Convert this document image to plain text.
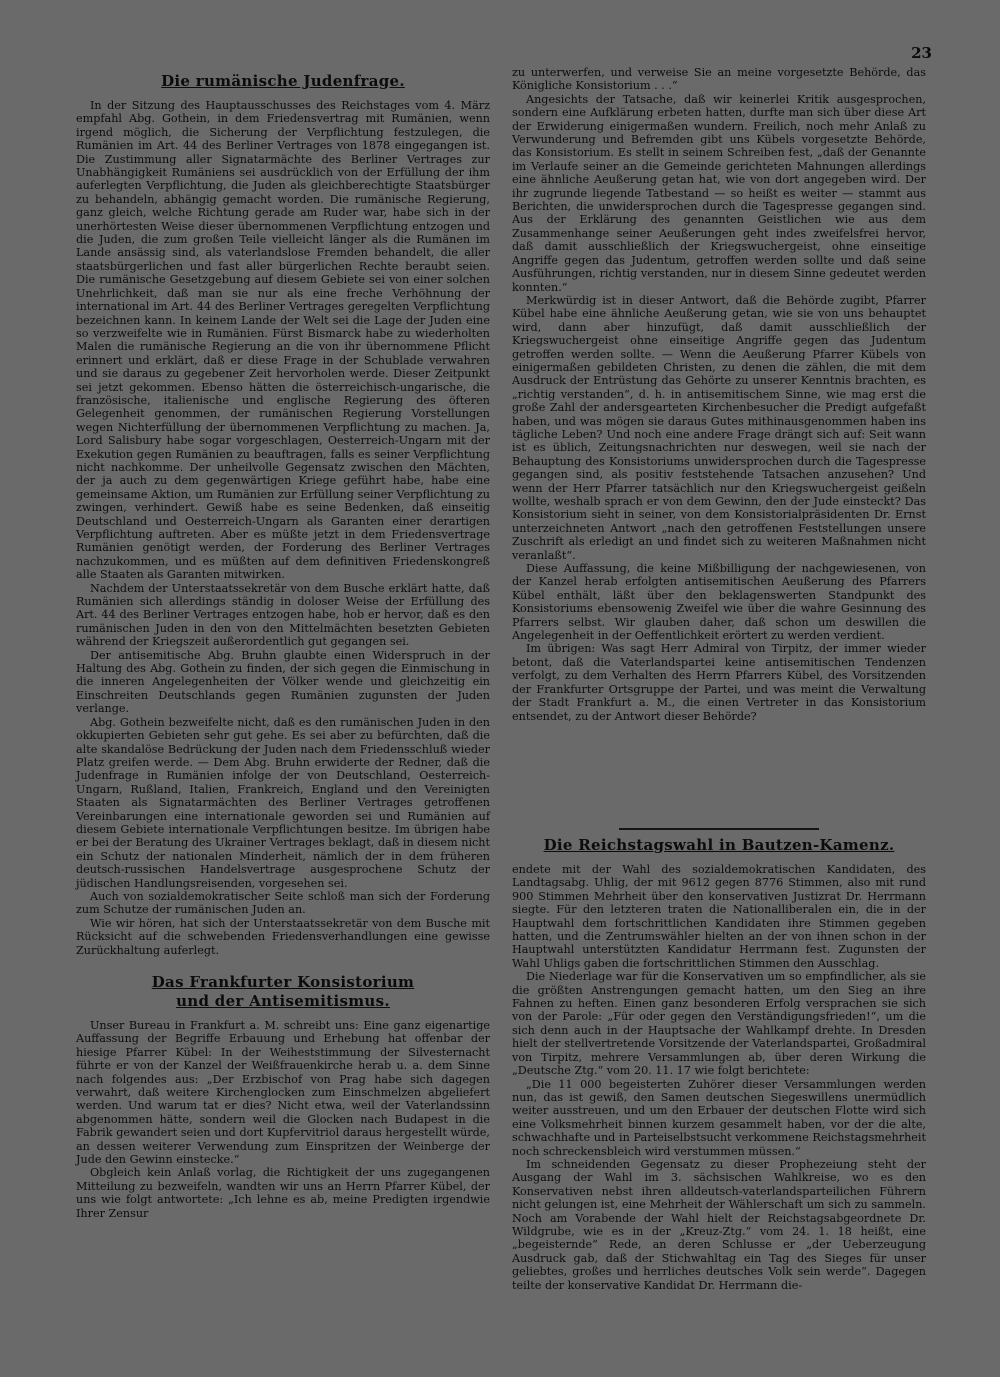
23
Die rumänische Judenfrage.

In der Sitzung des Hauptausschusses des Reichstages vom 4. März empfahl Abg. Gothein, in dem Friedensvertrag mit Rumänien, wenn irgend möglich, die Sicherung der Verpflichtung festzulegen, die Rumänien im Art. 44 des Berliner Vertrages von 1878 eingegangen ist. Die Zustimmung aller Signatarmächte des Berliner Vertrages zur Unabhängigkeit Rumäniens sei ausdrücklich von der Erfüllung der ihm auferlegten Verpflichtung, die Juden als gleichberechtigte Staatsbürger zu behandeln, abhängig gemacht worden. Die rumänische Regierung, ganz gleich, welche Richtung gerade am Ruder war, habe sich in der unerhörtesten Weise dieser übernommenen Verpflichtung entzogen und die Juden, die zum großen Teile vielleicht länger als die Rumänen im Lande ansässig sind, als vaterlandslose Fremden behandelt, die aller staatsbürgerlichen und fast aller bürgerlichen Rechte beraubt seien. Die rumänische Gesetzgebung auf diesem Gebiete sei von einer solchen Unehrlichkeit, daß man sie nur als eine freche Verhöhnung der international im Art. 44 des Berliner Vertrages geregelten Verpflichtung bezeichnen kann. In keinem Lande der Welt sei die Lage der Juden eine so verzweifelte wie in Rumänien. Fürst Bismarck habe zu wiederholten Malen die rumänische Regierung an die von ihr übernommene Pflicht erinnert und erklärt, daß er diese Frage in der Schublade verwahren und sie daraus zu gegebener Zeit hervorholen werde. Dieser Zeitpunkt sei jetzt gekommen. Ebenso hätten die österreichisch-ungarische, die französische, italienische und englische Regierung des öfteren Gelegenheit genommen, der rumänischen Regierung Vorstellungen wegen Nichterfüllung der übernommenen Verpflichtung zu machen. Ja, Lord Salisbury habe sogar vorgeschlagen, Oesterreich-Ungarn mit der Exekution gegen Rumänien zu beauftragen, falls es seiner Verpflichtung nicht nachkomme. Der unheilvolle Gegensatz zwischen den Mächten, der ja auch zu dem gegenwärtigen Kriege geführt habe, habe eine gemeinsame Aktion, um Rumänien zur Erfüllung seiner Verpflichtung zu zwingen, verhindert. Gewiß habe es seine Bedenken, daß einseitig Deutschland und Oesterreich-Ungarn als Garanten einer derartigen Verpflichtung auftreten. Aber es müßte jetzt in dem Friedensvertrage Rumänien genötigt werden, der Forderung des Berliner Vertrages nachzukommen, und es müßten auf dem definitiven Friedenskongreß alle Staaten als Garanten mitwirken.

Nachdem der Unterstaatssekretär von dem Busche erklärt hatte, daß Rumänien sich allerdings ständig in doloser Weise der Erfüllung des Art. 44 des Berliner Vertrages entzogen habe, hob er hervor, daß es den rumänischen Juden in den von den Mittelmächten besetzten Gebieten während der Kriegszeit außerordentlich gut gegangen sei.

Der antisemitische Abg. Bruhn glaubte einen Widerspruch in der Haltung des Abg. Gothein zu finden, der sich gegen die Einmischung in die inneren Angelegenheiten der Völker wende und gleichzeitig ein Einschreiten Deutschlands gegen Rumänien zugunsten der Juden verlange.

Abg. Gothein bezweifelte nicht, daß es den rumänischen Juden in den okkupierten Gebieten sehr gut gehe. Es sei aber zu befürchten, daß die alte skandalöse Bedrückung der Juden nach dem Friedensschluß wieder Platz greifen werde. — Dem Abg. Bruhn erwiderte der Redner, daß die Judenfrage in Rumänien infolge der von Deutschland, Oesterreich-Ungarn, Rußland, Italien, Frankreich, England und den Vereinigten Staaten als Signatarmächten des Berliner Vertrages getroffenen Vereinbarungen eine internationale geworden sei und Rumänien auf diesem Gebiete internationale Verpflichtungen besitze. Im übrigen habe er bei der Beratung des Ukrainer Vertrages beklagt, daß in diesem nicht ein Schutz der nationalen Minderheit, nämlich der in dem früheren deutsch-russischen Handelsvertrage ausgesprochene Schutz der jüdischen Handlungsreisenden, vorgesehen sei.

Auch von sozialdemokratischer Seite schloß man sich der Forderung zum Schutze der rumänischen Juden an.

Wie wir hören, hat sich der Unterstaatssekretär von dem Busche mit Rücksicht auf die schwebenden Friedensverhandlungen eine gewisse Zurückhaltung auferlegt.

Das Frankfurter Konsistorium
und der Antisemitismus.

Unser Bureau in Frankfurt a. M. schreibt uns: Eine ganz eigenartige Auffassung der Begriffe Erbauung und Erhebung hat offenbar der hiesige Pfarrer Kübel: In der Weiheststimmung der Silvesternacht führte er von der Kanzel der Weißfrauenkirche herab u. a. dem Sinne nach folgendes aus: „Der Erzbischof von Prag habe sich dagegen verwahrt, daß weitere Kirchenglocken zum Einschmelzen abgeliefert werden. Und warum tat er dies? Nicht etwa, weil der Vaterlandssinn abgenommen hätte, sondern weil die Glocken nach Budapest in die Fabrik gewandert seien und dort Kupfervitriol daraus hergestellt würde, an dessen weiterer Verwendung zum Einspritzen der Weinberge der Jude den Gewinn einstecke.“

Obgleich kein Anlaß vorlag, die Richtigkeit der uns zugegangenen Mitteilung zu bezweifeln, wandten wir uns an Herrn Pfarrer Kübel, der uns wie folgt antwortete: „Ich lehne es ab, meine Predigten irgendwie Ihrer Zensur

zu unterwerfen, und verweise Sie an meine vorgesetzte Behörde, das Königliche Konsistorium . . .“

Angesichts der Tatsache, daß wir keinerlei Kritik ausgesprochen, sondern eine Aufklärung erbeten hatten, durfte man sich über diese Art der Erwiderung einigermaßen wundern. Freilich, noch mehr Anlaß zu Verwunderung und Befremden gibt uns Kübels vorgesetzte Behörde, das Konsistorium. Es stellt in seinem Schreiben fest, „daß der Genannte im Verlaufe seiner an die Gemeinde gerichteten Mahnungen allerdings eine ähnliche Aeußerung getan hat, wie von dort angegeben wird. Der ihr zugrunde liegende Tatbestand — so heißt es weiter — stammt aus Berichten, die unwidersprochen durch die Tagespresse gegangen sind. Aus der Erklärung des genannten Geistlichen wie aus dem Zusammenhange seiner Aeußerungen geht indes zweifelsfrei hervor, daß damit ausschließlich der Kriegswuchergeist, ohne einseitige Angriffe gegen das Judentum, getroffen werden sollte und daß seine Ausführungen, richtig verstanden, nur in diesem Sinne gedeutet werden konnten.“

Merkwürdig ist in dieser Antwort, daß die Behörde zugibt, Pfarrer Kübel habe eine ähnliche Aeußerung getan, wie sie von uns behauptet wird, dann aber hinzufügt, daß damit ausschließlich der Kriegswuchergeist ohne einseitige Angriffe gegen das Judentum getroffen werden sollte. — Wenn die Aeußerung Pfarrer Kübels von einigermaßen gebildeten Christen, zu denen die zählen, die mit dem Ausdruck der Entrüstung das Gehörte zu unserer Kenntnis brachten, es „richtig verstanden“, d. h. in antisemitischem Sinne, wie mag erst die große Zahl der andersgearteten Kirchenbesucher die Predigt aufgefaßt haben, und was mögen sie daraus Gutes mithinausgenommen haben ins tägliche Leben? Und noch eine andere Frage drängt sich auf: Seit wann ist es üblich, Zeitungsnachrichten nur deswegen, weil sie nach der Behauptung des Konsistoriums unwidersprochen durch die Tagespresse gegangen sind, als positiv feststehende Tatsachen anzusehen? Und wenn der Herr Pfarrer tatsächlich nur den Kriegswuchergeist geißeln wollte, weshalb sprach er von dem Gewinn, den der Jude einsteckt? Das Konsistorium sieht in seiner, von dem Konsistorialpräsidenten Dr. Ernst unterzeichneten Antwort „nach den getroffenen Feststellungen unsere Zuschrift als erledigt an und findet sich zu weiteren Maßnahmen nicht veranlaßt“.

Diese Auffassung, die keine Mißbilligung der nachgewiesenen, von der Kanzel herab erfolgten antisemitischen Aeußerung des Pfarrers Kübel enthält, läßt über den beklagenswerten Standpunkt des Konsistoriums ebensowenig Zweifel wie über die wahre Gesinnung des Pfarrers selbst. Wir glauben daher, daß schon um deswillen die Angelegenheit in der Oeffentlichkeit erörtert zu werden verdient.

Im übrigen: Was sagt Herr Admiral von Tirpitz, der immer wieder betont, daß die Vaterlandspartei keine antisemitischen Tendenzen verfolgt, zu dem Verhalten des Herrn Pfarrers Kübel, des Vorsitzenden der Frankfurter Ortsgruppe der Partei, und was meint die Verwaltung der Stadt Frankfurt a. M., die einen Vertreter in das Konsistorium entsendet, zu der Antwort dieser Behörde?

Die Reichstagswahl in Bautzen-Kamenz.

endete mit der Wahl des sozialdemokratischen Kandidaten, des Landtagsabg. Uhlig, der mit 9612 gegen 8776 Stimmen, also mit rund 900 Stimmen Mehrheit über den konservativen Justizrat Dr. Herrmann siegte. Für den letzteren traten die Nationalliberalen ein, die in der Hauptwahl dem fortschrittlichen Kandidaten ihre Stimmen gegeben hatten, und die Zentrumswähler hielten an der von ihnen schon in der Hauptwahl unterstützten Kandidatur Herrmann fest. Zugunsten der Wahl Uhligs gaben die fortschrittlichen Stimmen den Ausschlag.

Die Niederlage war für die Konservativen um so empfindlicher, als sie die größten Anstrengungen gemacht hatten, um den Sieg an ihre Fahnen zu heften. Einen ganz besonderen Erfolg versprachen sie sich von der Parole: „Für oder gegen den Verständigungsfrieden!“, um die sich denn auch in der Hauptsache der Wahlkampf drehte. In Dresden hielt der stellvertretende Vorsitzende der Vaterlandspartei, Großadmiral von Tirpitz, mehrere Versammlungen ab, über deren Wirkung die „Deutsche Ztg.“ vom 20. 11. 17 wie folgt berichtete:

„Die 11 000 begeisterten Zuhörer dieser Versammlungen werden nun, das ist gewiß, den Samen deutschen Siegeswillens unermüdlich weiter ausstreuen, und um den Erbauer der deutschen Flotte wird sich eine Volksmehrheit binnen kurzem gesammelt haben, vor der die alte, schwachhafte und in Parteiselbstsucht verkommene Reichstagsmehrheit noch schreckensbleich wird verstummen müssen.“

Im schneidenden Gegensatz zu dieser Prophezeiung steht der Ausgang der Wahl im 3. sächsischen Wahlkreise, wo es den Konservativen nebst ihren alldeutsch-vaterlandsparteilichen Führern nicht gelungen ist, eine Mehrheit der Wählerschaft um sich zu sammeln. Noch am Vorabende der Wahl hielt der Reichstagsabgeordnete Dr. Wildgrube, wie es in der „Kreuz-Ztg.“ vom 24. 1. 18 heißt, eine „begeisternde“ Rede, an deren Schlusse er „der Ueberzeugung Ausdruck gab, daß der Stichwahltag ein Tag des Sieges für unser geliebtes, großes und herrliches deutsches Volk sein werde“. Dagegen teilte der konservative Kandidat Dr. Herrmann die-
